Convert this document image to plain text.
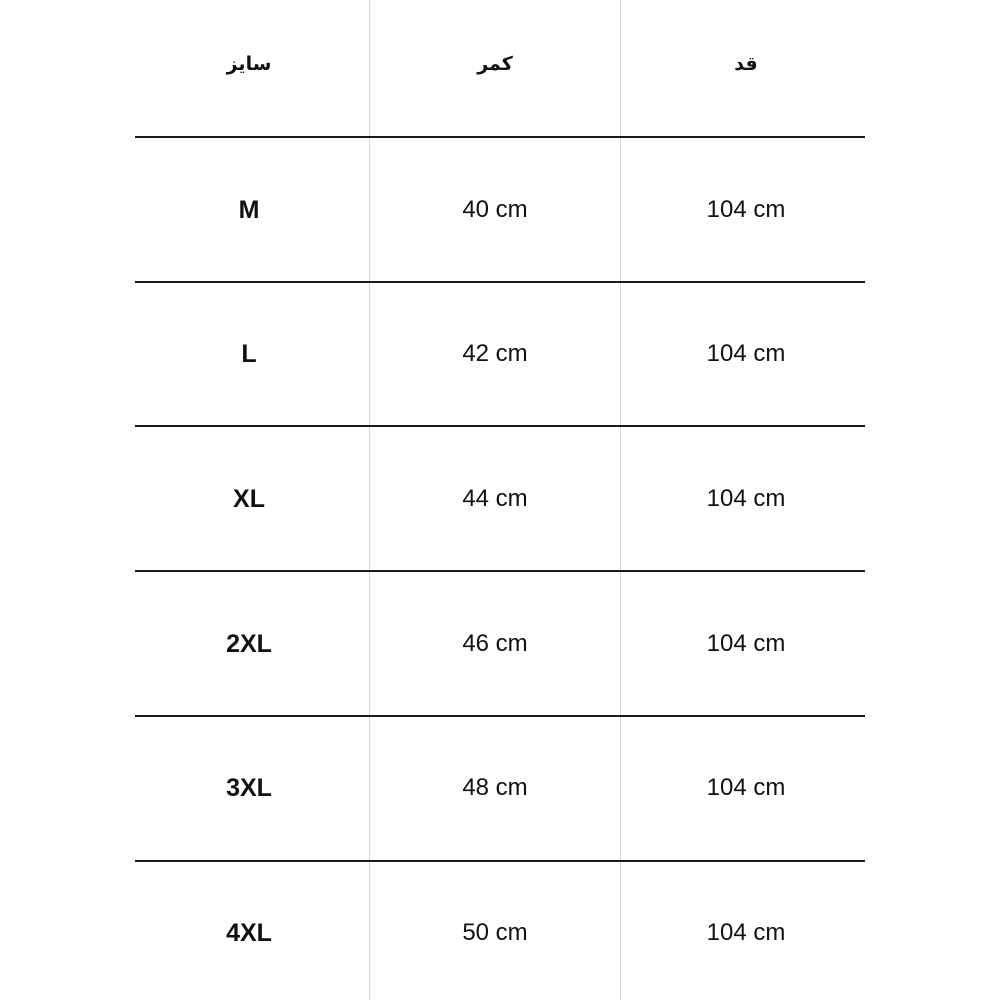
سایز	کمر	قد
M	40 cm	104 cm
L	42 cm	104 cm
XL	44 cm	104 cm
2XL	46 cm	104 cm
3XL	48 cm	104 cm
4XL	50 cm	104 cm
